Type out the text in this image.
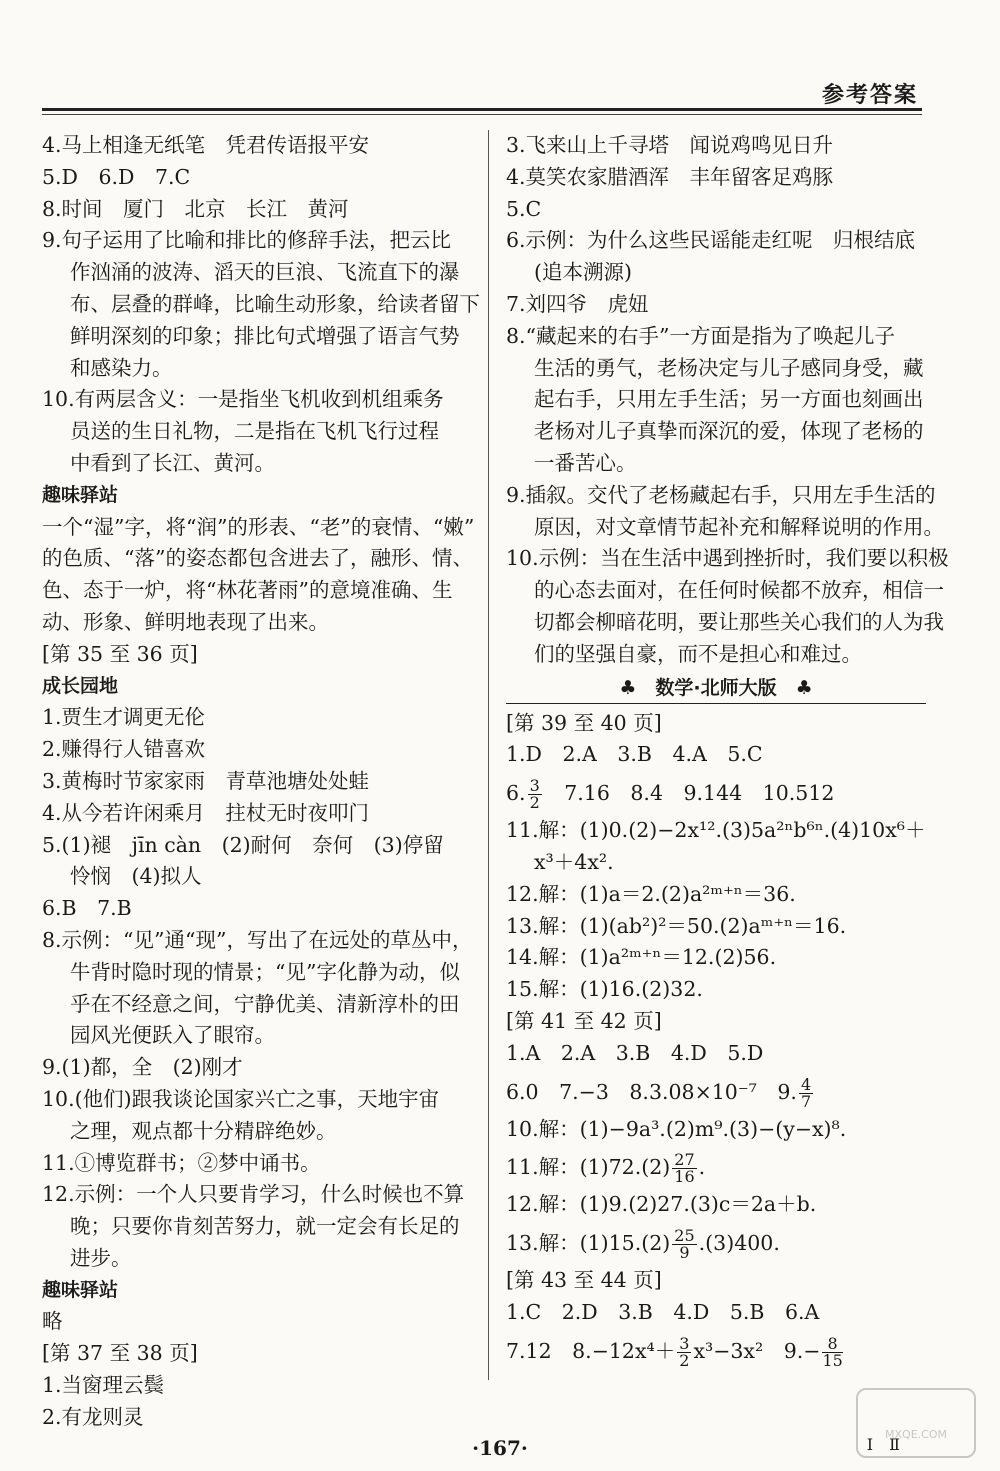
参考答案
4.马上相逢无纸笔　凭君传语报平安
5.D　6.D　7.C
8.时间　厦门　北京　长江　黄河
9.句子运用了比喻和排比的修辞手法，把云比
作汹涌的波涛、滔天的巨浪、飞流直下的瀑
布、层叠的群峰，比喻生动形象，给读者留下
鲜明深刻的印象；排比句式增强了语言气势
和感染力。
10.有两层含义：一是指坐飞机收到机组乘务
员送的生日礼物，二是指在飞机飞行过程
中看到了长江、黄河。
趣味驿站
一个“湿”字，将“润”的形表、“老”的衰情、“嫩”
的色质、“落”的姿态都包含进去了，融形、情、
色、态于一炉，将“林花著雨”的意境准确、生
动、形象、鲜明地表现了出来。
[第 35 至 36 页]
成长园地
1.贾生才调更无伦
2.赚得行人错喜欢
3.黄梅时节家家雨　青草池塘处处蛙
4.从今若许闲乘月　拄杖无时夜叩门
5.(1)褪　jīn càn　(2)耐何　奈何　(3)停留
怜悯　(4)拟人
6.B　7.B
8.示例：“见”通“现”，写出了在远处的草丛中，
牛背时隐时现的情景；“见”字化静为动，似
乎在不经意之间，宁静优美、清新淳朴的田
园风光便跃入了眼帘。
9.(1)都，全　(2)刚才
10.(他们)跟我谈论国家兴亡之事，天地宇宙
之理，观点都十分精辟绝妙。
11.①博览群书；②梦中诵书。
12.示例：一个人只要肯学习，什么时候也不算
晚；只要你肯刻苦努力，就一定会有长足的
进步。
趣味驿站
略
[第 37 至 38 页]
1.当窗理云鬓
2.有龙则灵
3.飞来山上千寻塔　闻说鸡鸣见日升
4.莫笑农家腊酒浑　丰年留客足鸡豚
5.C
6.示例：为什么这些民谣能走红呢　归根结底
(追本溯源)
7.刘四爷　虎妞
8.“藏起来的右手”一方面是指为了唤起儿子
生活的勇气，老杨决定与儿子感同身受，藏
起右手，只用左手生活；另一方面也刻画出
老杨对儿子真挚而深沉的爱，体现了老杨的
一番苦心。
9.插叙。交代了老杨藏起右手，只用左手生活的
原因，对文章情节起补充和解释说明的作用。
10.示例：当在生活中遇到挫折时，我们要以积极
的心态去面对，在任何时候都不放弃，相信一
切都会柳暗花明，要让那些关心我们的人为我
们的坚强自豪，而不是担心和难过。
♣　数学·北师大版　♣
[第 39 至 40 页]
1.D　2.A　3.B　4.A　5.C
6. $\frac{3}{2}$ 　7.16　8.4　9.144　10.512
11.解：(1)0.(2)−2x¹².(3)5a²ⁿb⁶ⁿ.(4)10x⁶＋
x³＋4x².
12.解：(1)a＝2.(2)a²ᵐ⁺ⁿ＝36.
13.解：(1)(ab²)²＝50.(2)aᵐ⁺ⁿ＝16.
14.解：(1)a²ᵐ⁺ⁿ＝12.(2)56.
15.解：(1)16.(2)32.
[第 41 至 42 页]
1.A　2.A　3.B　4.D　5.D
6.0　7.−3　8.3.08×10⁻⁷　9. $\frac{4}{7}$
10.解：(1)−9a³.(2)m⁹.(3)−(y−x)⁸.
11.解：$(1)72.(2) \frac{27}{16}$ .
12.解：(1)9.(2)27.(3)c＝2a＋b.
13.解：$(1)15.(2) \frac{25}{9} .(3)400$.
[第 43 至 44 页]
1.C　2.D　3.B　4.D　5.B　6.A
7.12　$8.-12x^4+ \frac{3}{2} x^3-3x^2$　$9.- \frac{8}{15}$
·167·
MXQE.COM
Ⅰ　Ⅱ
